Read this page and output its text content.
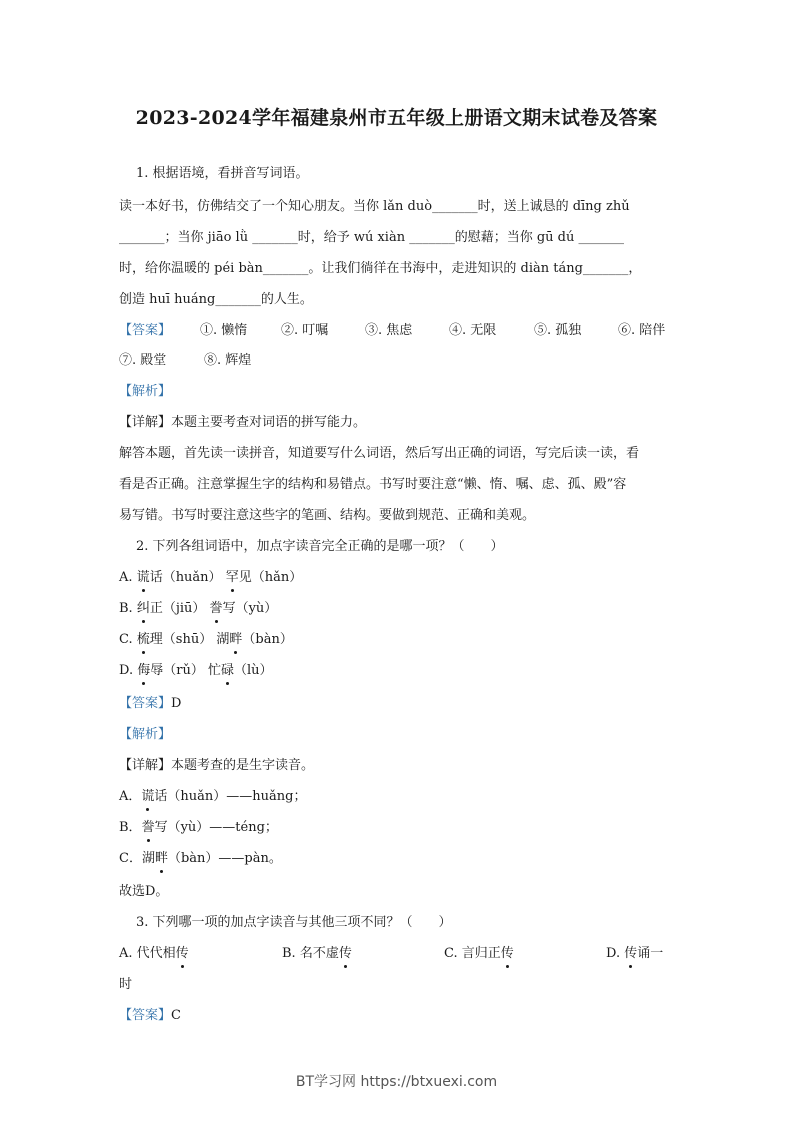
2023-2024学年福建泉州市五年级上册语文期末试卷及答案
1. 根据语境，看拼音写词语。
读一本好书，仿佛结交了一个知心朋友。当你 lǎn duò_______时，送上诚恳的 dīng zhǔ
_______；当你 jiāo lǜ _______时，给予 wú xiàn _______的慰藉；当你 gū dú _______
时，给你温暖的 péi bàn_______。让我们徜徉在书海中，走进知识的 diàn táng_______，
创造 huī huáng_______的人生。
【答案】 ①. 懒惰	②. 叮嘱	③. 焦虑	④. 无限	⑤. 孤独	⑥. 陪伴
⑦. 殿堂	⑧. 辉煌
【解析】
【详解】本题主要考查对词语的拼写能力。
解答本题，首先读一读拼音，知道要写什么词语，然后写出正确的词语，写完后读一读，看
看是否正确。注意掌握生字的结构和易错点。书写时要注意“懒、惰、嘱、虑、孤、殿”容
易写错。书写时要注意这些字的笔画、结构。要做到规范、正确和美观。
2. 下列各组词语中，加点字读音完全正确的是哪一项？（　　）
A. 谎话（huǎn） 罕见（hǎn）
B. 纠正（jiū） 誊写（yù）
C. 梳理（shū） 湖畔（bàn）
D. 侮辱（rǔ） 忙碌（lù）
【答案】D
【解析】
【详解】本题考查的是生字读音。
A．谎话（huǎn）——huǎng；
B．誊写（yù）——téng；
C．湖畔（bàn）——pàn。
故选D。
3. 下列哪一项的加点字读音与其他三项不同？（　　）
A. 代代相传	B. 名不虚传	C. 言归正传	D. 传诵一
时
【答案】C
BT学习网 https://btxuexi.com
